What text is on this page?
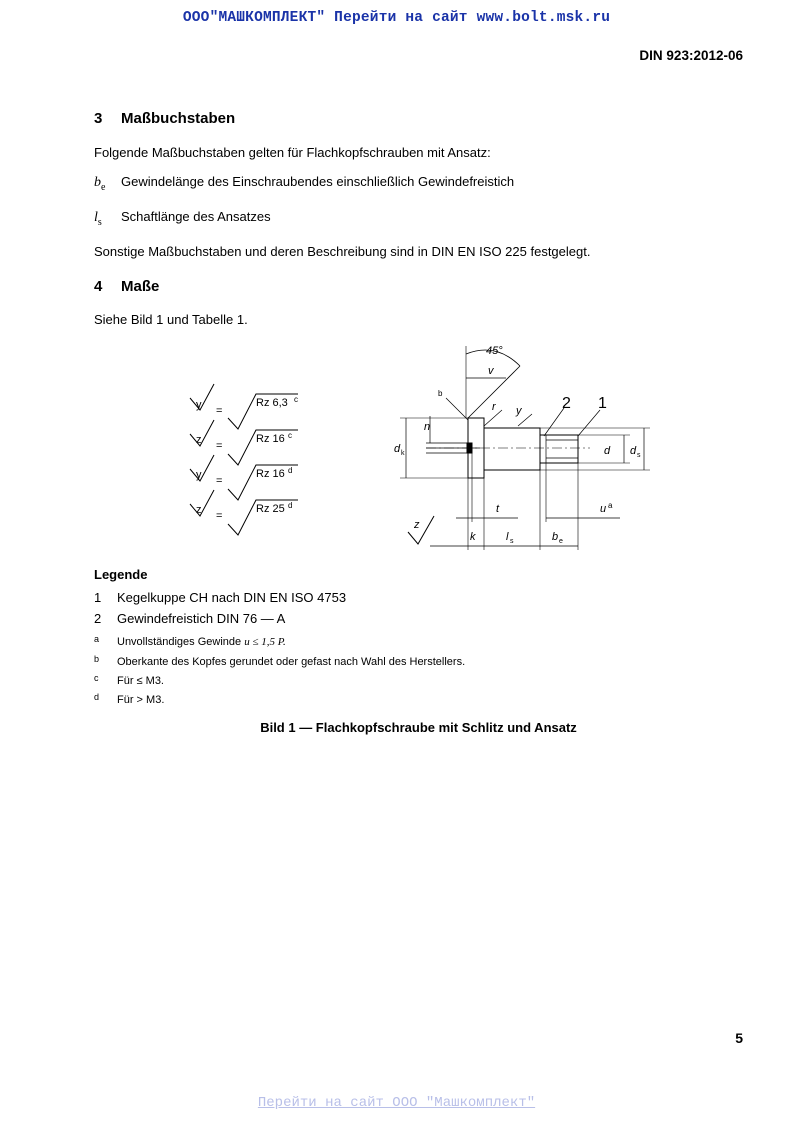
ООО"МАШКОМПЛЕКТ" Перейти на сайт www.bolt.msk.ru
DIN 923:2012-06
3 Maßbuchstaben
Folgende Maßbuchstaben gelten für Flachkopfschrauben mit Ansatz:
$b_e$ Gewindelänge des Einschraubendes einschließlich Gewindefreistich
$l_s$ Schaftlänge des Ansatzes
Sonstige Maßbuchstaben und deren Beschreibung sind in DIN EN ISO 225 festgelegt.
4 Maße
Siehe Bild 1 und Tabelle 1.
y =
Rz 6,3 c
z =
Rz 16 c
y =
Rz 16 d
z =
Rz 25 d
45°
v
b
r y	2 1
n
d k	d d s
t	u a
z
k	l s	b e
Legende
1 Kegelkuppe CH nach DIN EN ISO 4753
2 Gewindefreistich DIN 76 — A
a Unvollständiges Gewinde u ≤ 1,5 P.
b Oberkante des Kopfes gerundet oder gefast nach Wahl des Herstellers.
c Für ≤ M3.
d Für > M3.
Bild 1 — Flachkopfschraube mit Schlitz und Ansatz
5
Перейти на сайт ООО "Машкомплект"
